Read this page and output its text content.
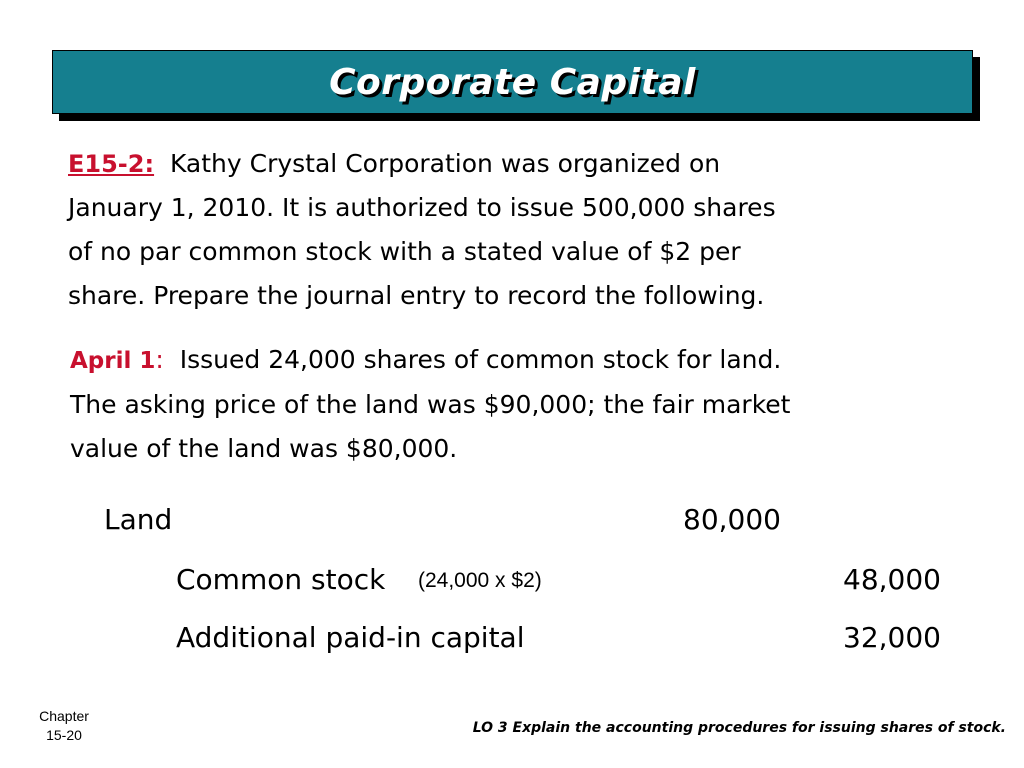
Corporate Capital
E15-2: Kathy Crystal Corporation was organized on
January 1, 2010. It is authorized to issue 500,000 shares
of no par common stock with a stated value of $2 per
share. Prepare the journal entry to record the following.
April 1: Issued 24,000 shares of common stock for land.
The asking price of the land was $90,000; the fair market
value of the land was $80,000.
Land	80,000
Common stock (24,000 x $2)	48,000
Additional paid-in capital	32,000
Chapter
15-20	LO 3 Explain the accounting procedures for issuing shares of stock.
